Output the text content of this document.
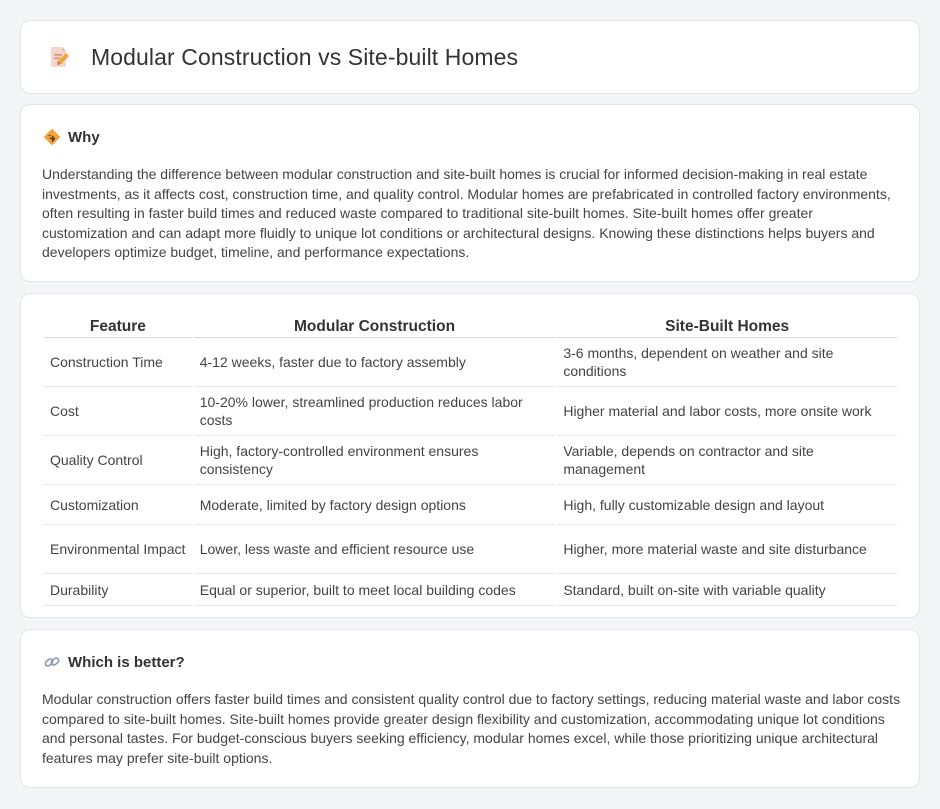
Modular Construction vs Site-built Homes
Why

Understanding the difference between modular construction and site-built homes is crucial for informed decision-making in real estate investments, as it affects cost, construction time, and quality control. Modular homes are prefabricated in controlled factory environments, often resulting in faster build times and reduced waste compared to traditional site-built homes. Site-built homes offer greater customization and can adapt more fluidly to unique lot conditions or architectural designs. Knowing these distinctions helps buyers and developers optimize budget, timeline, and performance expectations.

Feature	Modular Construction	Site-Built Homes
Construction Time	4-12 weeks, faster due to factory assembly	3-6 months, dependent on weather and site conditions
Cost	10-20% lower, streamlined production reduces labor costs	Higher material and labor costs, more onsite work
Quality Control	High, factory-controlled environment ensures consistency	Variable, depends on contractor and site management
Customization	Moderate, limited by factory design options	High, fully customizable design and layout
Environmental Impact	Lower, less waste and efficient resource use	Higher, more material waste and site disturbance
Durability	Equal or superior, built to meet local building codes	Standard, built on-site with variable quality
Which is better?

Modular construction offers faster build times and consistent quality control due to factory settings, reducing material waste and labor costs compared to site-built homes. Site-built homes provide greater design flexibility and customization, accommodating unique lot conditions and personal tastes. For budget-conscious buyers seeking efficiency, modular homes excel, while those prioritizing unique architectural features may prefer site-built options.
